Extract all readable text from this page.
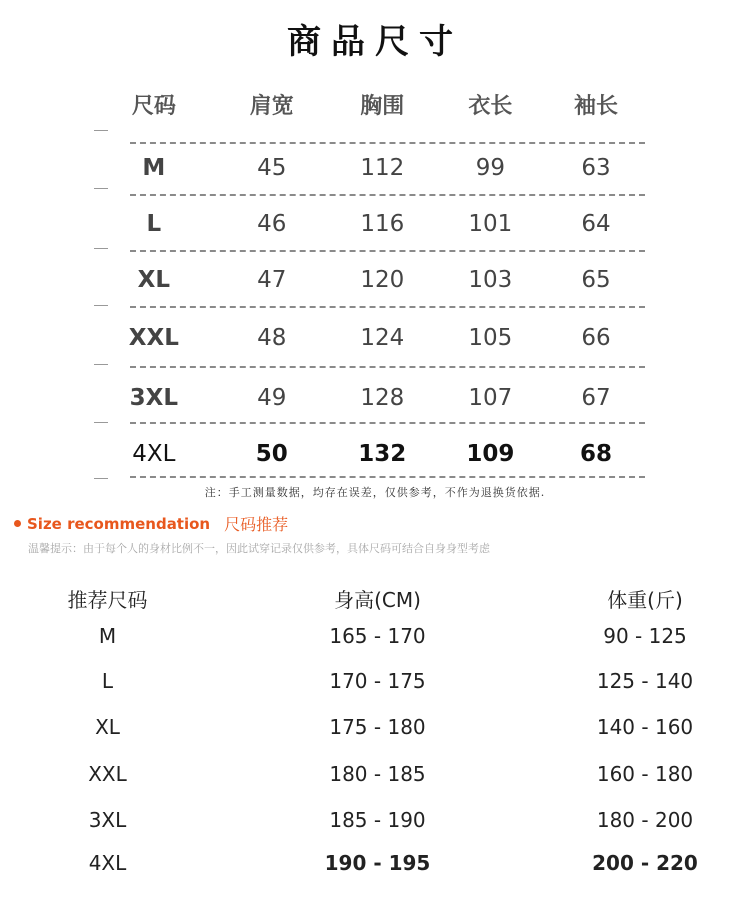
商品尺寸
尺码	肩宽	胸围	衣长	袖长
M	45	112	99	63
L	46	116	101	64
XL	47	120	103	65
XXL	48	124	105	66
3XL	49	128	107	67
4XL	50	132	109	68
注：手工测量数据，均存在误差，仅供参考，不作为退换货依据.
Size recommendation 尺码推荐
温馨提示：由于每个人的身材比例不一，因此试穿记录仅供参考，具体尺码可结合自身身型考虑
推荐尺码	身高(CM)	体重(斤)
M	165 - 170	90 - 125
L	170 - 175	125 - 140
XL	175 - 180	140 - 160
XXL	180 - 185	160 - 180
3XL	185 - 190	180 - 200
4XL	190 - 195	200 - 220
